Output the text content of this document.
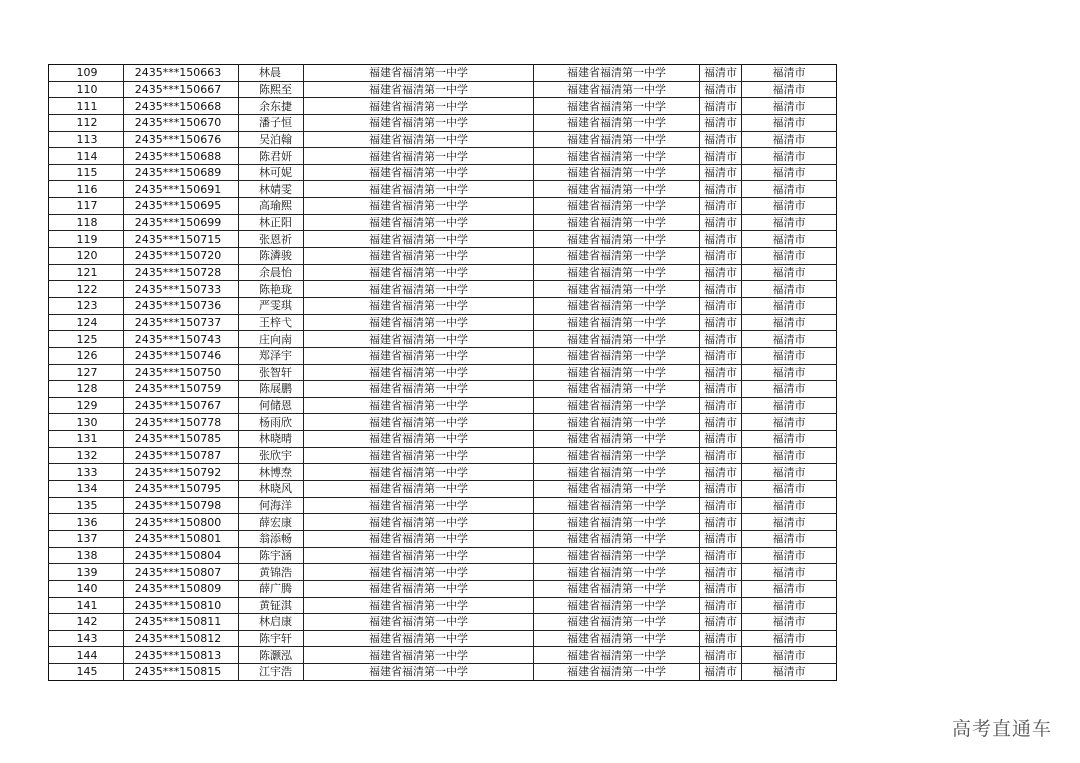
109	2435***150663	林晨	福建省福清第一中学	福建省福清第一中学	福清市	福清市
110	2435***150667	陈熙至	福建省福清第一中学	福建省福清第一中学	福清市	福清市
111	2435***150668	余东捷	福建省福清第一中学	福建省福清第一中学	福清市	福清市
112	2435***150670	潘子恒	福建省福清第一中学	福建省福清第一中学	福清市	福清市
113	2435***150676	吴泊翰	福建省福清第一中学	福建省福清第一中学	福清市	福清市
114	2435***150688	陈君妍	福建省福清第一中学	福建省福清第一中学	福清市	福清市
115	2435***150689	林可妮	福建省福清第一中学	福建省福清第一中学	福清市	福清市
116	2435***150691	林婧雯	福建省福清第一中学	福建省福清第一中学	福清市	福清市
117	2435***150695	高瑜熙	福建省福清第一中学	福建省福清第一中学	福清市	福清市
118	2435***150699	林正阳	福建省福清第一中学	福建省福清第一中学	福清市	福清市
119	2435***150715	张恩祈	福建省福清第一中学	福建省福清第一中学	福清市	福清市
120	2435***150720	陈潾骏	福建省福清第一中学	福建省福清第一中学	福清市	福清市
121	2435***150728	余晨怡	福建省福清第一中学	福建省福清第一中学	福清市	福清市
122	2435***150733	陈艳珑	福建省福清第一中学	福建省福清第一中学	福清市	福清市
123	2435***150736	严雯琪	福建省福清第一中学	福建省福清第一中学	福清市	福清市
124	2435***150737	王梓弋	福建省福清第一中学	福建省福清第一中学	福清市	福清市
125	2435***150743	庄向南	福建省福清第一中学	福建省福清第一中学	福清市	福清市
126	2435***150746	郑泽宇	福建省福清第一中学	福建省福清第一中学	福清市	福清市
127	2435***150750	张智轩	福建省福清第一中学	福建省福清第一中学	福清市	福清市
128	2435***150759	陈展鹏	福建省福清第一中学	福建省福清第一中学	福清市	福清市
129	2435***150767	何储恩	福建省福清第一中学	福建省福清第一中学	福清市	福清市
130	2435***150778	杨雨欣	福建省福清第一中学	福建省福清第一中学	福清市	福清市
131	2435***150785	林晓晴	福建省福清第一中学	福建省福清第一中学	福清市	福清市
132	2435***150787	张欣宇	福建省福清第一中学	福建省福清第一中学	福清市	福清市
133	2435***150792	林博焘	福建省福清第一中学	福建省福清第一中学	福清市	福清市
134	2435***150795	林晓风	福建省福清第一中学	福建省福清第一中学	福清市	福清市
135	2435***150798	何海洋	福建省福清第一中学	福建省福清第一中学	福清市	福清市
136	2435***150800	薛宏康	福建省福清第一中学	福建省福清第一中学	福清市	福清市
137	2435***150801	翁添畅	福建省福清第一中学	福建省福清第一中学	福清市	福清市
138	2435***150804	陈宇涵	福建省福清第一中学	福建省福清第一中学	福清市	福清市
139	2435***150807	黄锦浩	福建省福清第一中学	福建省福清第一中学	福清市	福清市
140	2435***150809	薛广腾	福建省福清第一中学	福建省福清第一中学	福清市	福清市
141	2435***150810	黄钲淇	福建省福清第一中学	福建省福清第一中学	福清市	福清市
142	2435***150811	林启康	福建省福清第一中学	福建省福清第一中学	福清市	福清市
143	2435***150812	陈宇轩	福建省福清第一中学	福建省福清第一中学	福清市	福清市
144	2435***150813	陈灏泓	福建省福清第一中学	福建省福清第一中学	福清市	福清市
145	2435***150815	江宇浩	福建省福清第一中学	福建省福清第一中学	福清市	福清市
高考直通车
